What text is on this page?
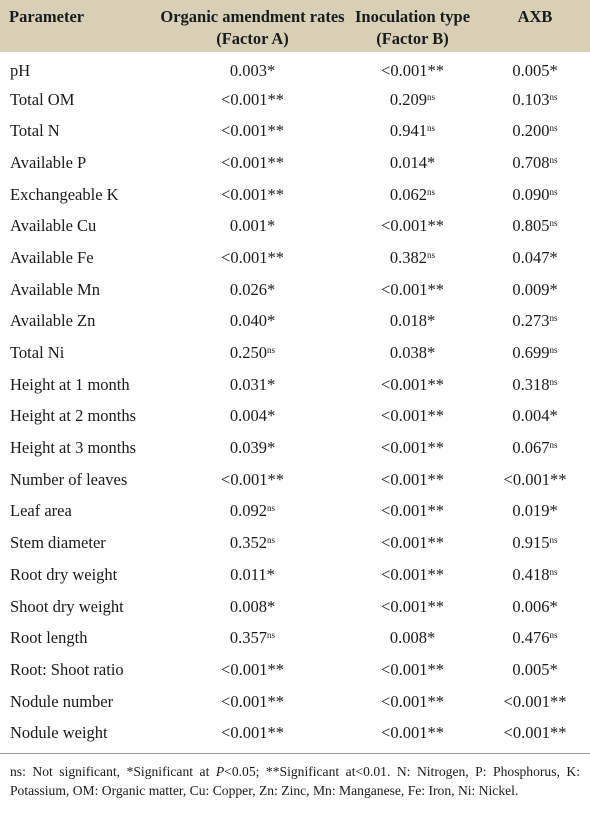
Parameter	Organic amendment rates (Factor A)	Inoculation type (Factor B)	AXB
pH	0.003*	<0.001**	0.005*
Total OM	<0.001**	$0.209^{ns}$	$0.103^{ns}$
Total N	<0.001**	$0.941^{ns}$	$0.200^{ns}$
Available P	<0.001**	0.014*	$0.708^{ns}$
Exchangeable K	<0.001**	$0.062^{ns}$	$0.090^{ns}$
Available Cu	0.001*	<0.001**	$0.805^{ns}$
Available Fe	<0.001**	$0.382^{ns}$	0.047*
Available Mn	0.026*	<0.001**	0.009*
Available Zn	0.040*	0.018*	$0.273^{ns}$
Total Ni	$0.250^{ns}$	0.038*	$0.699^{ns}$
Height at 1 month	0.031*	<0.001**	$0.318^{ns}$
Height at 2 months	0.004*	<0.001**	0.004*
Height at 3 months	0.039*	<0.001**	$0.067^{ns}$
Number of leaves	<0.001**	<0.001**	<0.001**
Leaf area	$0.092^{ns}$	<0.001**	0.019*
Stem diameter	$0.352^{ns}$	<0.001**	$0.915^{ns}$
Root dry weight	0.011*	<0.001**	$0.418^{ns}$
Shoot dry weight	0.008*	<0.001**	0.006*
Root length	$0.357^{ns}$	0.008*	$0.476^{ns}$
Root: Shoot ratio	<0.001**	<0.001**	0.005*
Nodule number	<0.001**	<0.001**	<0.001**
Nodule weight	<0.001**	<0.001**	<0.001**
ns: Not significant, *Significant at P<0.05; **Significant at<0.01. N: Nitrogen, P: Phosphorus, K: Potassium, OM: Organic matter, Cu: Copper, Zn: Zinc, Mn: Manganese, Fe: Iron, Ni: Nickel.
